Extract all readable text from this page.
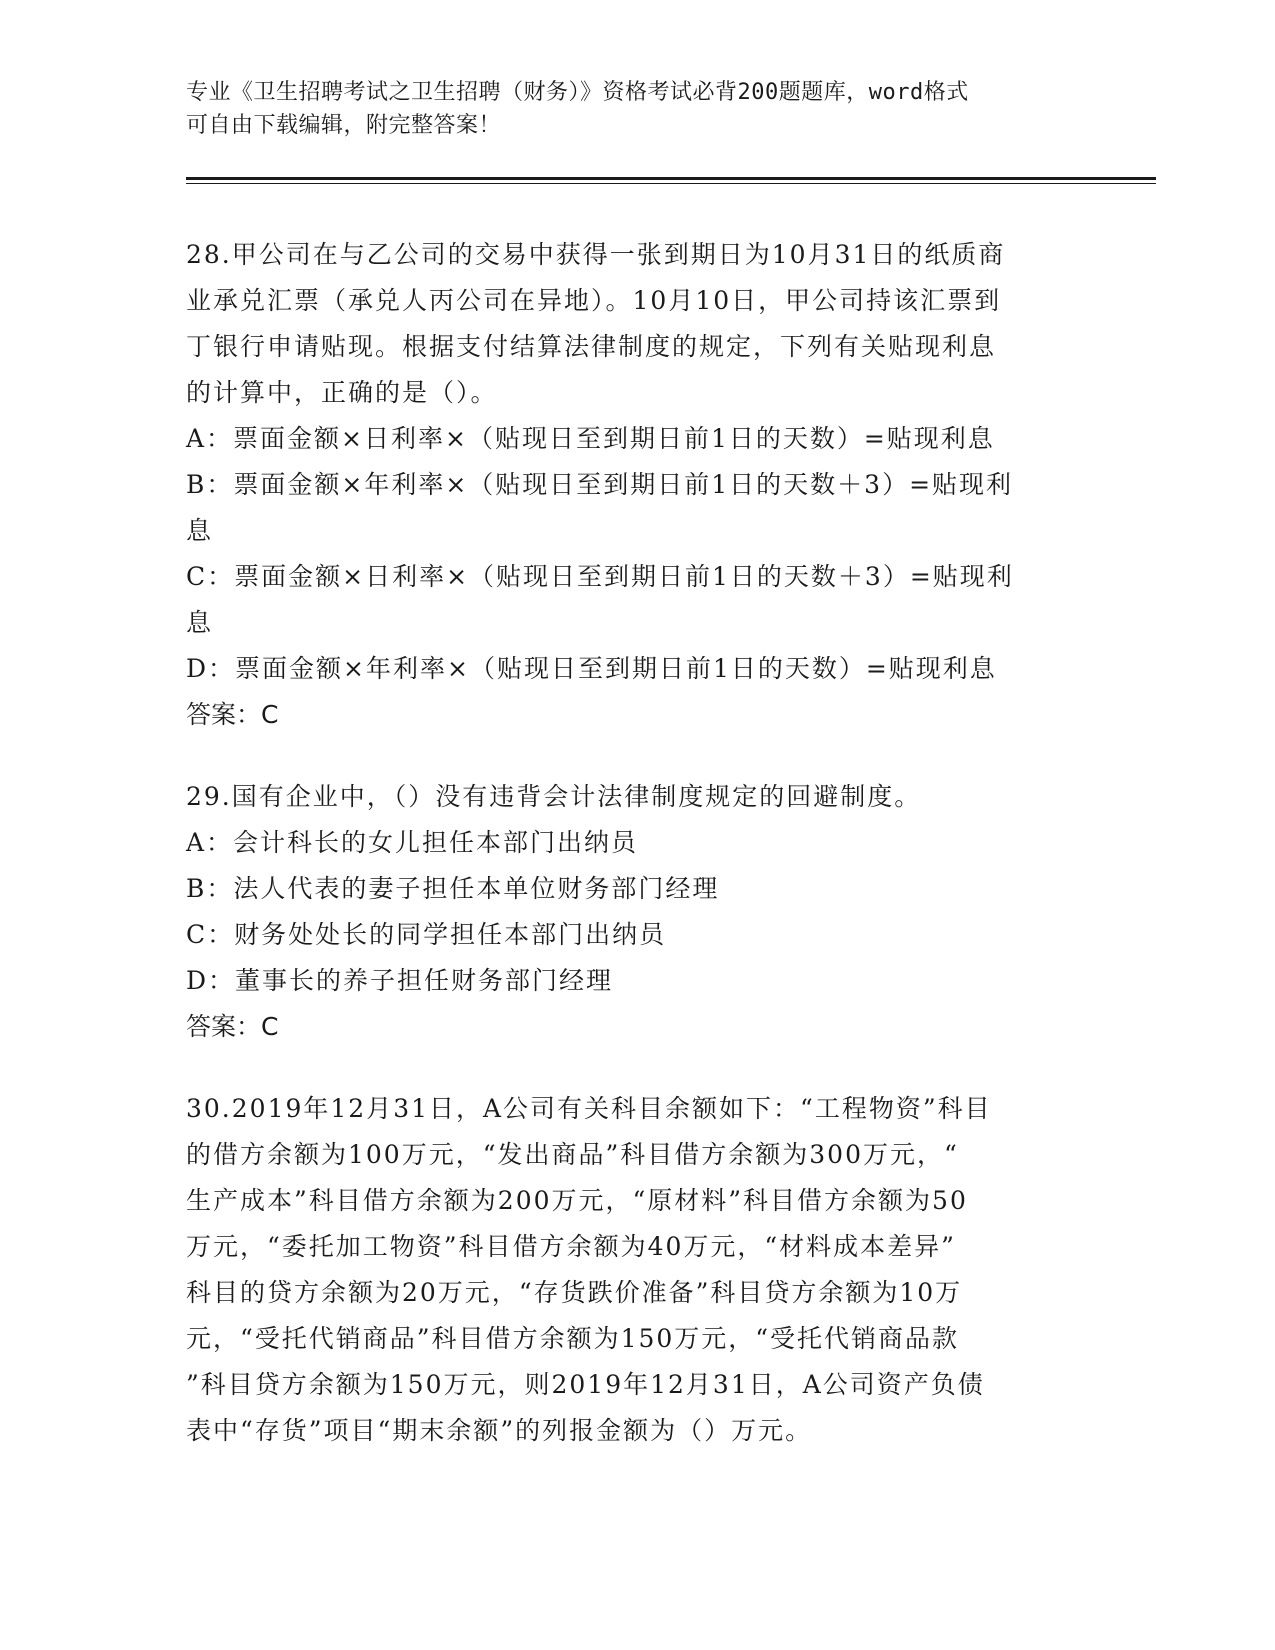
专业《卫生招聘考试之卫生招聘（财务）》资格考试必背200题题库，word格式
可自由下载编辑，附完整答案！
28.甲公司在与乙公司的交易中获得一张到期日为10月31日的纸质商
业承兑汇票（承兑人丙公司在异地）。10月10日，甲公司持该汇票到
丁银行申请贴现。根据支付结算法律制度的规定，下列有关贴现利息
的计算中，正确的是（）。
A：票面金额×日利率×（贴现日至到期日前1日的天数）=贴现利息
B：票面金额×年利率×（贴现日至到期日前1日的天数＋3）=贴现利
息
C：票面金额×日利率×（贴现日至到期日前1日的天数＋3）=贴现利
息
D：票面金额×年利率×（贴现日至到期日前1日的天数）=贴现利息
答案：C
29.国有企业中，（）没有违背会计法律制度规定的回避制度。
A：会计科长的女儿担任本部门出纳员
B：法人代表的妻子担任本单位财务部门经理
C：财务处处长的同学担任本部门出纳员
D：董事长的养子担任财务部门经理
答案：C
30.2019年12月31日，A公司有关科目余额如下：“工程物资”科目
的借方余额为100万元，“发出商品”科目借方余额为300万元，“
生产成本”科目借方余额为200万元，“原材料”科目借方余额为50
万元，“委托加工物资”科目借方余额为40万元，“材料成本差异”
科目的贷方余额为20万元，“存货跌价准备”科目贷方余额为10万
元，“受托代销商品”科目借方余额为150万元，“受托代销商品款
”科目贷方余额为150万元，则2019年12月31日，A公司资产负债
表中“存货”项目“期末余额”的列报金额为（）万元。
